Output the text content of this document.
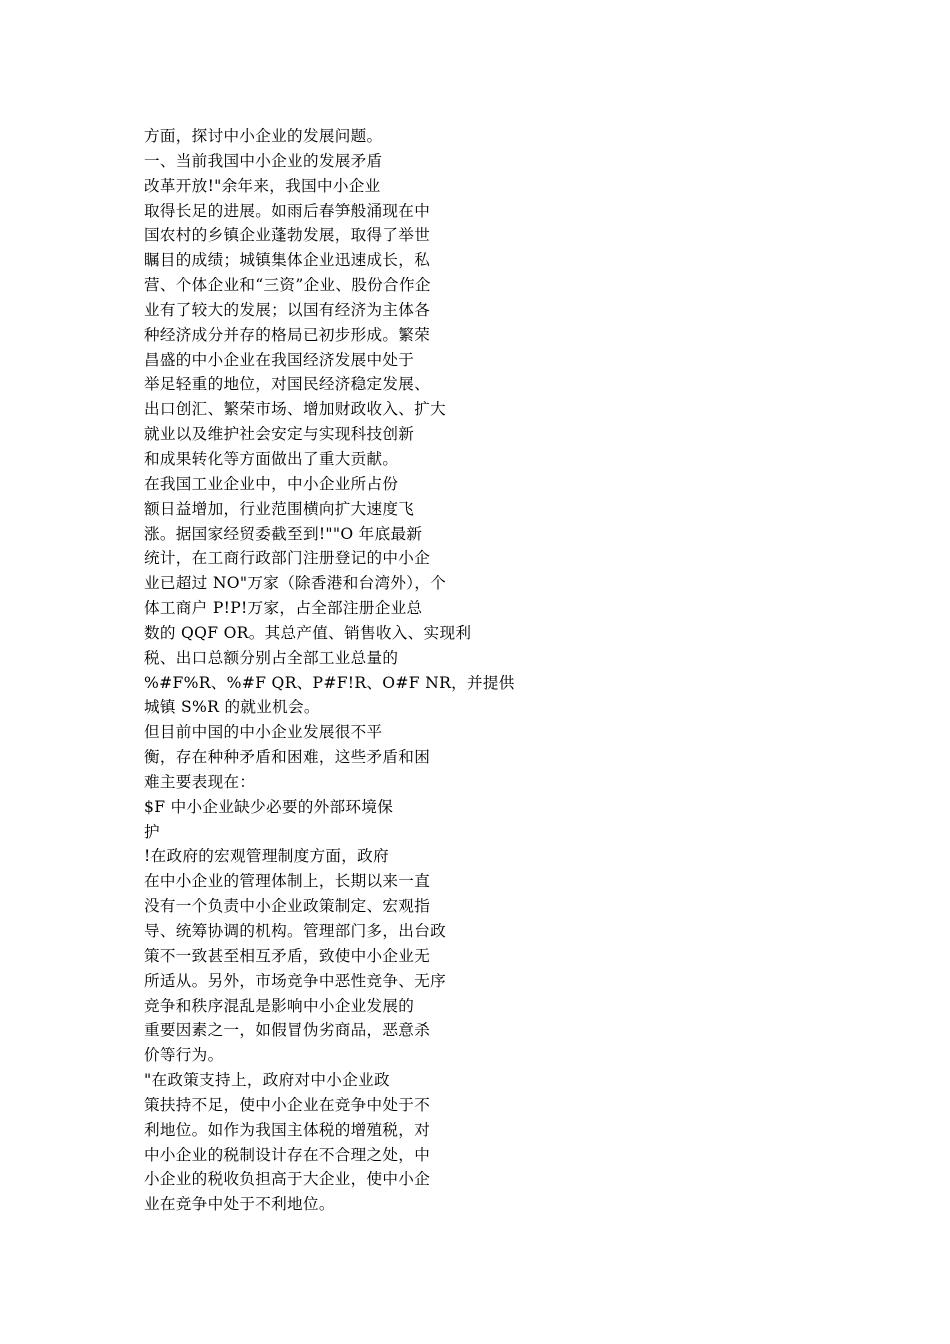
方面，探讨中小企业的发展问题。
一、当前我国中小企业的发展矛盾
改革开放!"余年来，我国中小企业
取得长足的进展。如雨后春笋般涌现在中
国农村的乡镇企业蓬勃发展，取得了举世
瞩目的成绩；城镇集体企业迅速成长，私
营、个体企业和“三资”企业、股份合作企
业有了较大的发展；以国有经济为主体各
种经济成分并存的格局已初步形成。繁荣
昌盛的中小企业在我国经济发展中处于
举足轻重的地位，对国民经济稳定发展、
出口创汇、繁荣市场、增加财政收入、扩大
就业以及维护社会安定与实现科技创新
和成果转化等方面做出了重大贡献。
在我国工业企业中，中小企业所占份
额日益增加，行业范围横向扩大速度飞
涨。据国家经贸委截至到!""O 年底最新
统计，在工商行政部门注册登记的中小企
业已超过 NO"万家（除香港和台湾外），个
体工商户 P!P!万家，占全部注册企业总
数的 QQF OR。其总产值、销售收入、实现利
税、出口总额分别占全部工业总量的
%#F%R、%#F QR、P#F!R、O#F NR，并提供
城镇 S%R 的就业机会。
但目前中国的中小企业发展很不平
衡，存在种种矛盾和困难，这些矛盾和困
难主要表现在：
$F 中小企业缺少必要的外部环境保
护
!在政府的宏观管理制度方面，政府
在中小企业的管理体制上，长期以来一直
没有一个负责中小企业政策制定、宏观指
导、统筹协调的机构。管理部门多，出台政
策不一致甚至相互矛盾，致使中小企业无
所适从。另外，市场竞争中恶性竞争、无序
竞争和秩序混乱是影响中小企业发展的
重要因素之一，如假冒伪劣商品，恶意杀
价等行为。
"在政策支持上，政府对中小企业政
策扶持不足，使中小企业在竞争中处于不
利地位。如作为我国主体税的增殖税，对
中小企业的税制设计存在不合理之处，中
小企业的税收负担高于大企业，使中小企
业在竞争中处于不利地位。
